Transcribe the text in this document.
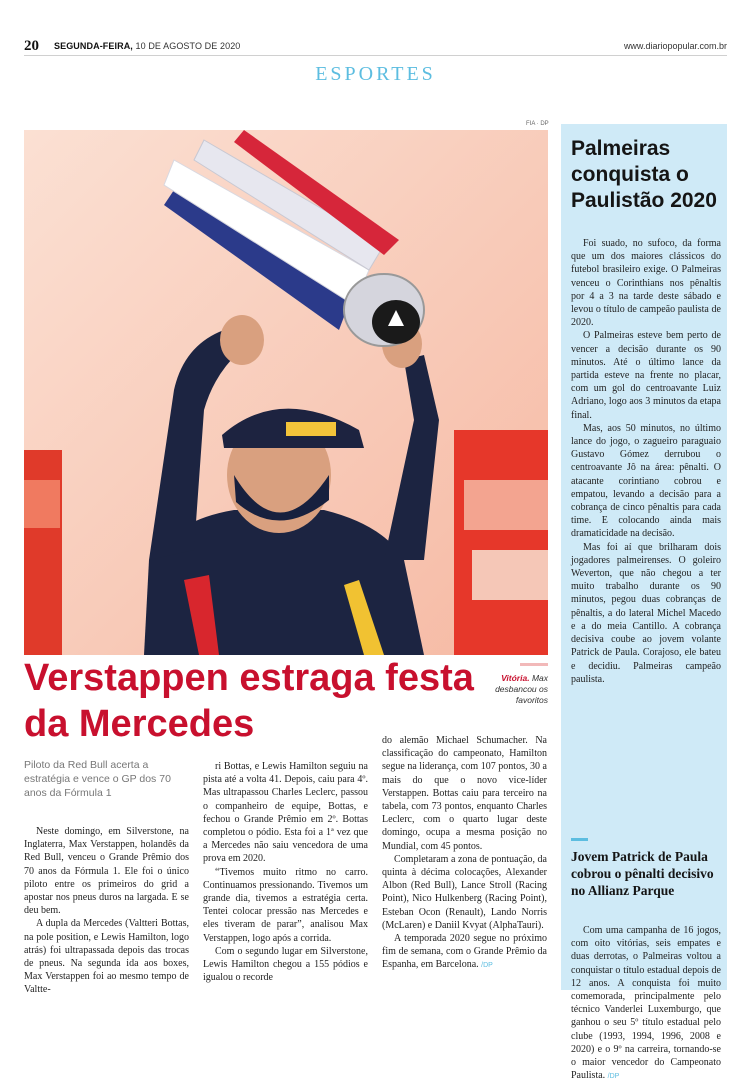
20 SEGUNDA-FEIRA, 10 DE AGOSTO DE 2020	www.diariopopular.com.br
ESPORTES
FIA · DP
Palmeiras conquista o Paulistão 2020

Foi suado, no sufoco, da forma que um dos maiores clássicos do futebol brasileiro exige. O Palmeiras venceu o Corinthians nos pênaltis por 4 a 3 na tarde deste sábado e levou o título de campeão paulista de 2020.

O Palmeiras esteve bem perto de vencer a decisão durante os 90 minutos. Até o último lance da partida esteve na frente no placar, com um gol do centroavante Luiz Adriano, logo aos 3 minutos da etapa final.

Mas, aos 50 minutos, no último lance do jogo, o zagueiro paraguaio Gustavo Gómez derrubou o centroavante Jô na área: pênalti. O atacante corintiano cobrou e empatou, levando a decisão para a cobrança de cinco pênaltis para cada time. E colocando ainda mais dramaticidade na decisão.

Mas foi aí que brilharam dois jogadores palmeirenses. O goleiro Weverton, que não chegou a ter muito trabalho durante os 90 minutos, pegou duas cobranças de pênaltis, a do lateral Michel Macedo e a do meia Cantillo. A cobrança decisiva coube ao jovem volante Patrick de Paula. Corajoso, ele bateu e decidiu. Palmeiras campeão paulista.

Jovem Patrick de Paula cobrou o pênalti decisivo no Allianz Parque

Com uma campanha de 16 jogos, com oito vitórias, seis empates e duas derrotas, o Palmeiras voltou a conquistar o título estadual depois de 12 anos. A conquista foi muito comemorada, principalmente pelo técnico Vanderlei Luxemburgo, que ganhou o seu 5º título estadual pelo clube (1993, 1994, 1996, 2008 e 2020) e o 9º na carreira, tornando-se o maior vencedor do Campeonato Paulista. /DP

Verstappen estraga festa
da Mercedes
Vitória. Max desbancou os favoritos
Piloto da Red Bull acerta a estratégia e vence o GP dos 70 anos da Fórmula 1

Neste domingo, em Silverstone, na Inglaterra, Max Verstappen, holandês da Red Bull, venceu o Grande Prêmio dos 70 anos da Fórmula 1. Ele foi o único piloto entre os primeiros do grid a apostar nos pneus duros na largada. E se deu bem.

A dupla da Mercedes (Valtteri Bottas, na pole position, e Lewis Hamilton, logo atrás) foi ultrapassada depois das trocas de pneus. Na segunda ida aos boxes, Max Verstappen foi ao mesmo tempo de Valtte-

ri Bottas, e Lewis Hamilton seguiu na pista até a volta 41. Depois, caiu para 4º. Mas ultrapassou Charles Leclerc, passou o companheiro de equipe, Bottas, e fechou o Grande Prêmio em 2º. Bottas completou o pódio. Esta foi a 1ª vez que a Mercedes não saiu vencedora de uma prova em 2020.

“Tivemos muito ritmo no carro. Continuamos pressionando. Tivemos um grande dia, tivemos a estratégia certa. Tentei colocar pressão nas Mercedes e eles tiveram de parar”, analisou Max Verstappen, logo após a corrida.

Com o segundo lugar em Silverstone, Lewis Hamilton chegou a 155 pódios e igualou o recorde

do alemão Michael Schumacher. Na classificação do campeonato, Hamilton segue na liderança, com 107 pontos, 30 a mais do que o novo vice-líder Verstappen. Bottas caiu para terceiro na tabela, com 73 pontos, enquanto Charles Leclerc, com o quarto lugar deste domingo, ocupa a mesma posição no Mundial, com 45 pontos.

Completaram a zona de pontuação, da quinta à décima colocações, Alexander Albon (Red Bull), Lance Stroll (Racing Point), Nico Hulkenberg (Racing Point), Esteban Ocon (Renault), Lando Norris (McLaren) e Daniil Kvyat (AlphaTauri).

A temporada 2020 segue no próximo fim de semana, com o Grande Prêmio da Espanha, em Barcelona. /DP
